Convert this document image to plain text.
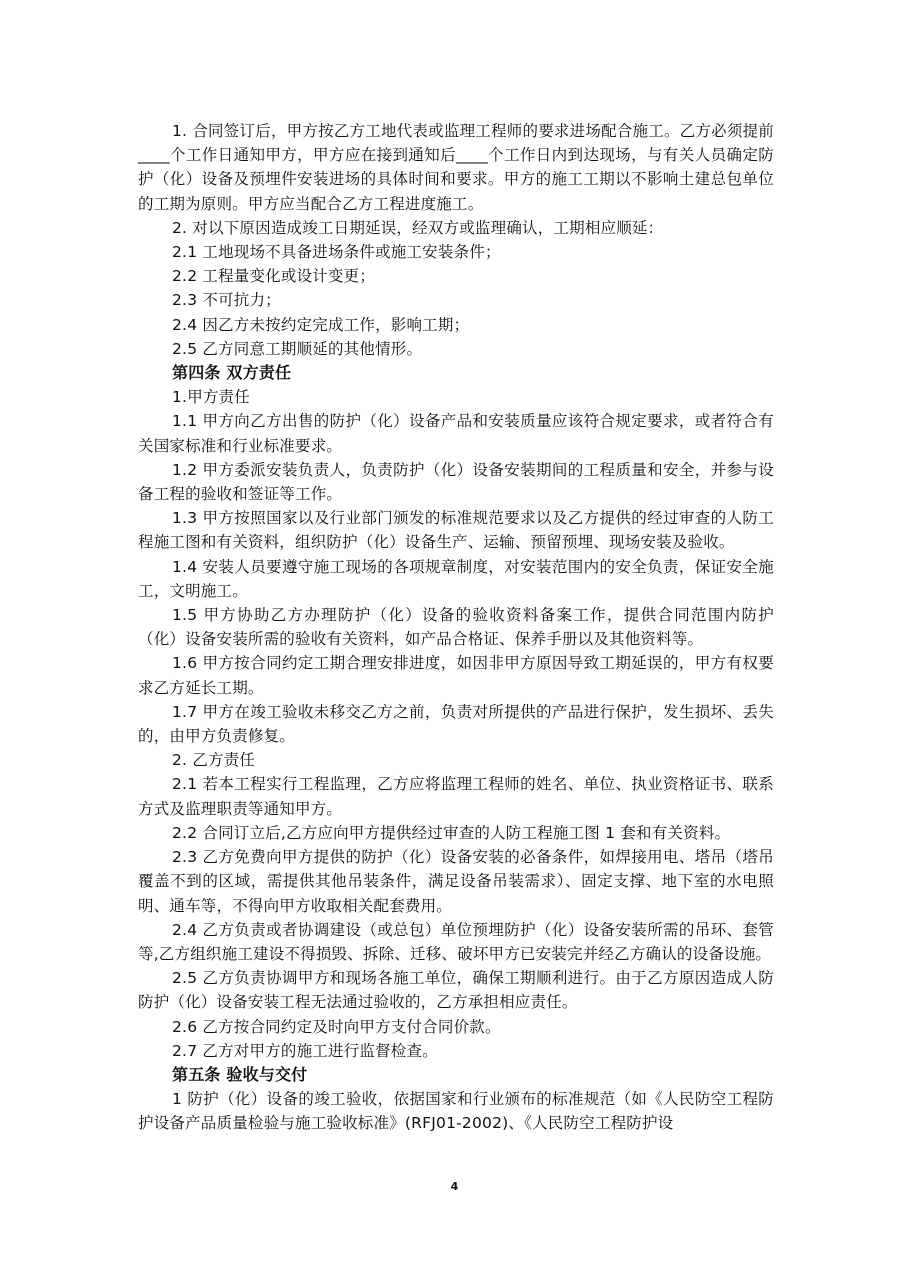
1. 合同签订后，甲方按乙方工地代表或监理工程师的要求进场配合施工。乙方必须提前____个工作日通知甲方，甲方应在接到通知后____个工作日内到达现场，与有关人员确定防护（化）设备及预埋件安装进场的具体时间和要求。甲方的施工工期以不影响土建总包单位的工期为原则。甲方应当配合乙方工程进度施工。

2. 对以下原因造成竣工日期延误，经双方或监理确认，工期相应顺延：

2.1 工地现场不具备进场条件或施工安装条件；

2.2 工程量变化或设计变更；

2.3 不可抗力；

2.4 因乙方未按约定完成工作，影响工期；

2.5 乙方同意工期顺延的其他情形。

第四条 双方责任

1.甲方责任

1.1 甲方向乙方出售的防护（化）设备产品和安装质量应该符合规定要求，或者符合有关国家标准和行业标准要求。

1.2 甲方委派安装负责人，负责防护（化）设备安装期间的工程质量和安全，并参与设备工程的验收和签证等工作。

1.3 甲方按照国家以及行业部门颁发的标准规范要求以及乙方提供的经过审查的人防工程施工图和有关资料，组织防护（化）设备生产、运输、预留预埋、现场安装及验收。

1.4 安装人员要遵守施工现场的各项规章制度，对安装范围内的安全负责，保证安全施工，文明施工。

1.5 甲方协助乙方办理防护（化）设备的验收资料备案工作，提供合同范围内防护（化）设备安装所需的验收有关资料，如产品合格证、保养手册以及其他资料等。

1.6 甲方按合同约定工期合理安排进度，如因非甲方原因导致工期延误的，甲方有权要求乙方延长工期。

1.7 甲方在竣工验收未移交乙方之前，负责对所提供的产品进行保护，发生损坏、丢失的，由甲方负责修复。

2. 乙方责任

2.1 若本工程实行工程监理，乙方应将监理工程师的姓名、单位、执业资格证书、联系方式及监理职责等通知甲方。

2.2 合同订立后,乙方应向甲方提供经过审查的人防工程施工图 1 套和有关资料。

2.3 乙方免费向甲方提供的防护（化）设备安装的必备条件，如焊接用电、塔吊（塔吊覆盖不到的区域，需提供其他吊装条件，满足设备吊装需求）、固定支撑、地下室的水电照明、通车等，不得向甲方收取相关配套费用。

2.4 乙方负责或者协调建设（或总包）单位预埋防护（化）设备安装所需的吊环、套管等,乙方组织施工建设不得损毁、拆除、迁移、破坏甲方已安装完并经乙方确认的设备设施。

2.5 乙方负责协调甲方和现场各施工单位，确保工期顺利进行。由于乙方原因造成人防防护（化）设备安装工程无法通过验收的，乙方承担相应责任。

2.6 乙方按合同约定及时向甲方支付合同价款。

2.7 乙方对甲方的施工进行监督检查。

第五条 验收与交付

1 防护（化）设备的竣工验收，依据国家和行业颁布的标准规范（如《人民防空工程防护设备产品质量检验与施工验收标准》(RFJ01-2002)、《人民防空工程防护设

4
